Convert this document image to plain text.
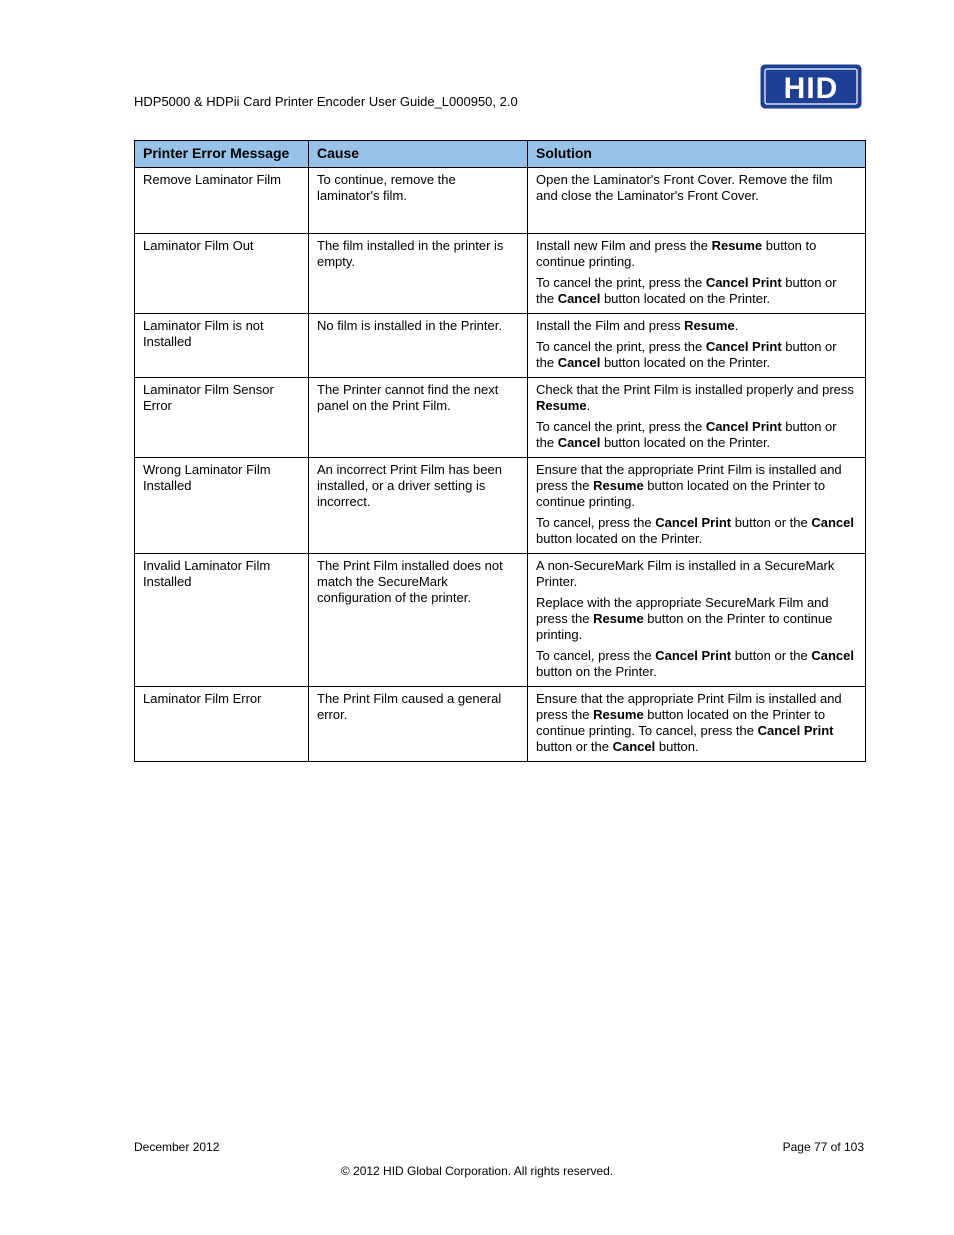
HDP5000 & HDPii Card Printer Encoder User Guide_L000950, 2.0	HID
Printer Error Message	Cause	Solution
Remove Laminator Film	To continue, remove the laminator's film.	Open the Laminator's Front Cover. Remove the film and close the Laminator's Front Cover.

Laminator Film Out	The film installed in the printer is empty.	Install new Film and press the Resume button to continue printing.

To cancel the print, press the Cancel Print button or the Cancel button located on the Printer.

Laminator Film is not Installed	No film is installed in the Printer.	Install the Film and press Resume.

To cancel the print, press the Cancel Print button or the Cancel button located on the Printer.

Laminator Film Sensor Error	The Printer cannot find the next panel on the Print Film.	Check that the Print Film is installed properly and press Resume.

To cancel the print, press the Cancel Print button or the Cancel button located on the Printer.

Wrong Laminator Film Installed	An incorrect Print Film has been installed, or a driver setting is incorrect.	Ensure that the appropriate Print Film is installed and press the Resume button located on the Printer to continue printing.

To cancel, press the Cancel Print button or the Cancel button located on the Printer.

Invalid Laminator Film Installed	The Print Film installed does not match the SecureMark configuration of the printer.	A non-SecureMark Film is installed in a SecureMark Printer.

Replace with the appropriate SecureMark Film and press the Resume button on the Printer to continue printing.

To cancel, press the Cancel Print button or the Cancel button on the Printer.

Laminator Film Error	The Print Film caused a general error.	Ensure that the appropriate Print Film is installed and press the Resume button located on the Printer to continue printing. To cancel, press the Cancel Print button or the Cancel button.

December 2012	Page 77 of 103
© 2012 HID Global Corporation. All rights reserved.
